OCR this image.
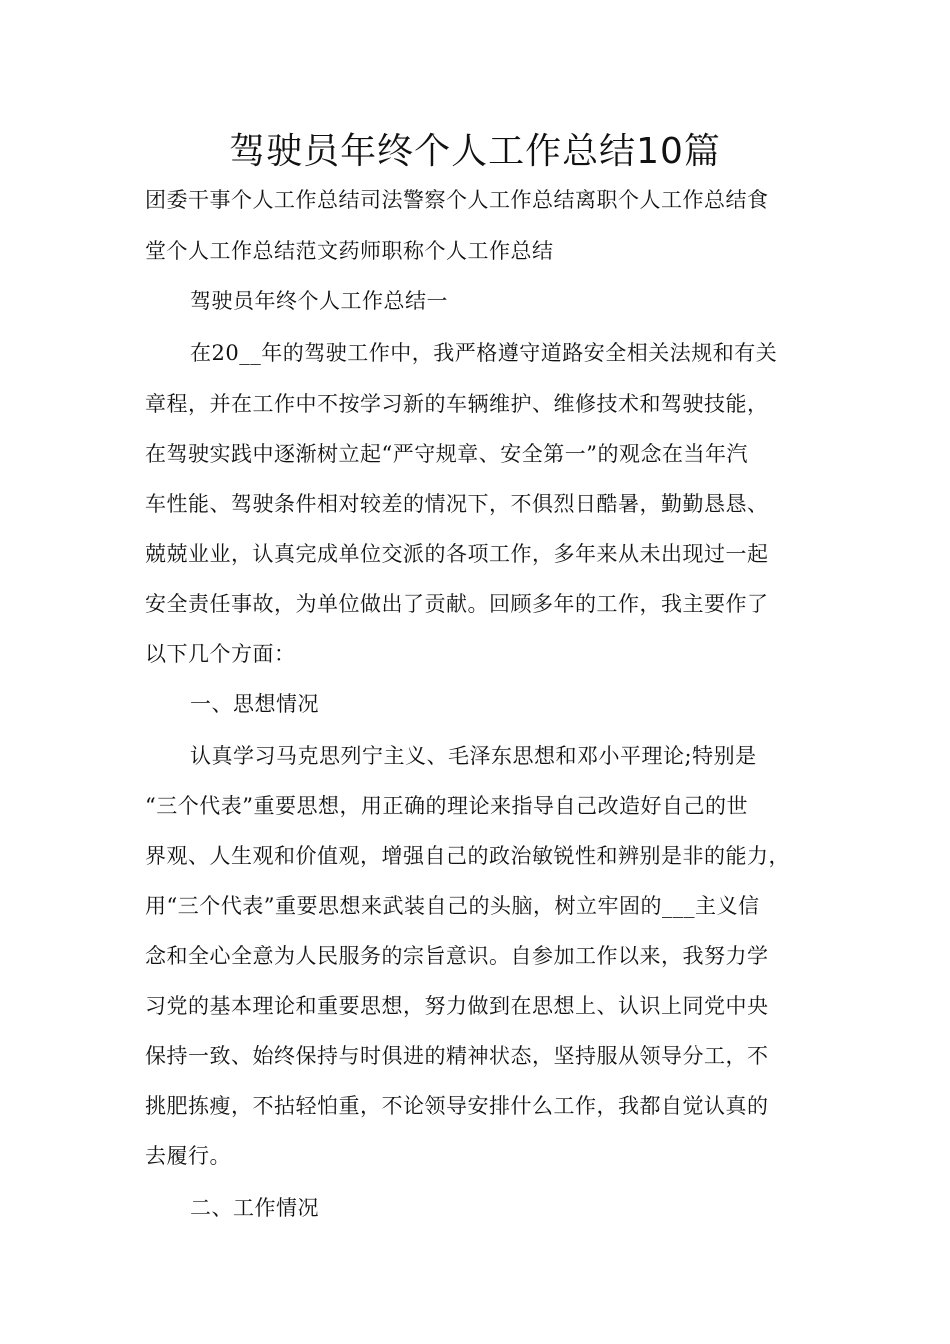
驾驶员年终个人工作总结10篇
团委干事个人工作总结司法警察个人工作总结离职个人工作总结食
堂个人工作总结范文药师职称个人工作总结
驾驶员年终个人工作总结一
在20__年的驾驶工作中，我严格遵守道路安全相关法规和有关
章程，并在工作中不按学习新的车辆维护、维修技术和驾驶技能，
在驾驶实践中逐渐树立起“严守规章、安全第一”的观念在当年汽
车性能、驾驶条件相对较差的情况下，不俱烈日酷暑，勤勤恳恳、
兢兢业业，认真完成单位交派的各项工作，多年来从未出现过一起
安全责任事故，为单位做出了贡献。回顾多年的工作，我主要作了
以下几个方面：
一、思想情况
认真学习马克思列宁主义、毛泽东思想和邓小平理论;特别是
“三个代表”重要思想，用正确的理论来指导自己改造好自己的世
界观、人生观和价值观，增强自己的政治敏锐性和辨别是非的能力，
用“三个代表”重要思想来武装自己的头脑，树立牢固的___主义信
念和全心全意为人民服务的宗旨意识。自参加工作以来，我努力学
习党的基本理论和重要思想，努力做到在思想上、认识上同党中央
保持一致、始终保持与时俱进的精神状态，坚持服从领导分工，不
挑肥拣瘦，不拈轻怕重，不论领导安排什么工作，我都自觉认真的
去履行。
二、工作情况
